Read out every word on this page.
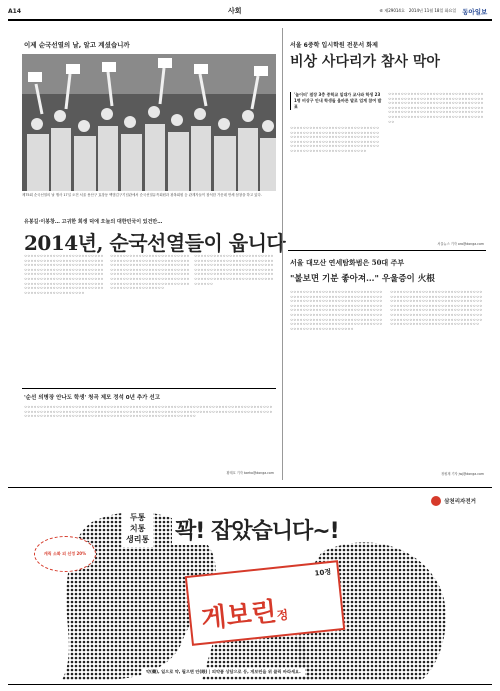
A14	사회	⑥ 제29014호 2014년 11월 18일 화요일 동아일보
이제 순국선열의 날, 알고 계셨습니까
제75회 순국선열의 날 행사 17일 오전 서울 용산구 효창동 백범김구기념관에서 순국선열유족회원과 광복회원 등 관계자들이 참석한 가운데 만세 삼창을 하고 있다.
유봉길·이봉창… 고귀한 희생 덕에 오늘의 대한민국이 있건만…
2014년, 순국선열들이 웁니다
ㅇㅇㅇㅇㅇㅇㅇㅇㅇㅇㅇㅇㅇㅇㅇㅇㅇㅇㅇㅇㅇㅇㅇㅇㅇㅇㅇㅇㅇㅇㅇㅇㅇㅇㅇㅇㅇㅇㅇㅇㅇㅇㅇㅇㅇㅇㅇㅇㅇㅇㅇㅇㅇㅇㅇㅇㅇㅇㅇㅇㅇㅇㅇㅇㅇㅇㅇㅇㅇㅇㅇㅇㅇㅇㅇㅇㅇㅇㅇㅇㅇㅇㅇㅇㅇㅇㅇㅇㅇㅇㅇㅇㅇㅇㅇㅇㅇㅇㅇㅇㅇㅇㅇㅇㅇㅇㅇㅇㅇㅇㅇㅇㅇㅇㅇㅇㅇㅇㅇㅇㅇㅇㅇㅇㅇㅇㅇㅇㅇㅇㅇㅇㅇㅇㅇㅇㅇㅇㅇㅇㅇㅇㅇㅇㅇㅇㅇㅇㅇㅇㅇㅇㅇㅇㅇㅇㅇㅇㅇㅇㅇㅇㅇㅇㅇㅇㅇㅇㅇㅇㅇㅇㅇㅇㅇㅇㅇㅇㅇㅇㅇㅇㅇㅇㅇㅇㅇㅇㅇㅇㅇㅇㅇㅇㅇㅇㅇㅇㅇㅇㅇㅇㅇㅇㅇㅇㅇㅇㅇㅇㅇㅇㅇㅇㅇㅇㅇㅇㅇ
ㅇㅇㅇㅇㅇㅇㅇㅇㅇㅇㅇㅇㅇㅇㅇㅇㅇㅇㅇㅇㅇㅇㅇㅇㅇㅇㅇㅇㅇㅇㅇㅇㅇㅇㅇㅇㅇㅇㅇㅇㅇㅇㅇㅇㅇㅇㅇㅇㅇㅇㅇㅇㅇㅇㅇㅇㅇㅇㅇㅇㅇㅇㅇㅇㅇㅇㅇㅇㅇㅇㅇㅇㅇㅇㅇㅇㅇㅇㅇㅇㅇㅇㅇㅇㅇㅇㅇㅇㅇㅇㅇㅇㅇㅇㅇㅇㅇㅇㅇㅇㅇㅇㅇㅇㅇㅇㅇㅇㅇㅇㅇㅇㅇㅇㅇㅇㅇㅇㅇㅇㅇㅇㅇㅇㅇㅇㅇㅇㅇㅇㅇㅇㅇㅇㅇㅇㅇㅇㅇㅇㅇㅇㅇㅇㅇㅇㅇㅇㅇㅇㅇㅇㅇㅇㅇㅇㅇㅇㅇㅇㅇㅇㅇㅇㅇㅇㅇㅇㅇㅇㅇㅇㅇㅇㅇㅇㅇㅇㅇㅇㅇㅇㅇㅇㅇㅇㅇㅇㅇㅇㅇㅇ
ㅇㅇㅇㅇㅇㅇㅇㅇㅇㅇㅇㅇㅇㅇㅇㅇㅇㅇㅇㅇㅇㅇㅇㅇㅇㅇㅇㅇㅇㅇㅇㅇㅇㅇㅇㅇㅇㅇㅇㅇㅇㅇㅇㅇㅇㅇㅇㅇㅇㅇㅇㅇㅇㅇㅇㅇㅇㅇㅇㅇㅇㅇㅇㅇㅇㅇㅇㅇㅇㅇㅇㅇㅇㅇㅇㅇㅇㅇㅇㅇㅇㅇㅇㅇㅇㅇㅇㅇㅇㅇㅇㅇㅇㅇㅇㅇㅇㅇㅇㅇㅇㅇㅇㅇㅇㅇㅇㅇㅇㅇㅇㅇㅇㅇㅇㅇㅇㅇㅇㅇㅇㅇㅇㅇㅇㅇㅇㅇㅇㅇㅇㅇㅇㅇㅇㅇㅇㅇㅇㅇㅇㅇㅇㅇㅇㅇㅇㅇㅇㅇㅇㅇㅇㅇㅇㅇ
'순선 의병장 안나도 학생' 청곡 제모 정석 0년 추가 선고
ㅇㅇㅇㅇㅇㅇㅇㅇㅇㅇㅇㅇㅇㅇㅇㅇㅇㅇㅇㅇㅇㅇㅇㅇㅇㅇㅇㅇㅇㅇㅇㅇㅇㅇㅇㅇㅇㅇㅇㅇㅇㅇㅇㅇㅇㅇㅇㅇㅇㅇㅇㅇㅇㅇㅇㅇㅇㅇㅇㅇㅇㅇㅇㅇㅇㅇㅇㅇㅇㅇㅇㅇㅇㅇㅇㅇㅇㅇㅇㅇㅇㅇㅇㅇㅇㅇㅇㅇㅇㅇㅇㅇㅇㅇㅇㅇㅇㅇㅇㅇㅇㅇㅇㅇㅇㅇㅇㅇㅇㅇㅇㅇㅇㅇㅇㅇㅇㅇㅇㅇㅇㅇㅇㅇㅇㅇㅇㅇㅇㅇㅇㅇㅇㅇㅇㅇㅇㅇㅇㅇㅇㅇㅇㅇㅇㅇㅇㅇㅇㅇㅇㅇㅇㅇㅇㅇㅇㅇㅇㅇㅇㅇㅇㅇㅇㅇㅇㅇㅇㅇㅇㅇㅇㅇㅇㅇㅇㅇㅇㅇㅇㅇㅇㅇㅇㅇㅇㅇㅇㅇㅇㅇㅇㅇㅇㅇㅇㅇㅇㅇㅇㅇㅇㅇㅇㅇㅇㅇㅇㅇ
황태호 기자 taeho@donga.com
서울 6중학 입시학원 전문서 화제
비상 사다리가 참사 막아
'놀이터' 점장 3층 중학교 일대가 교사와 학생 23 1명 비상구 안내 학생들 올바른 말로 업계 참여 발표
ㅇㅇㅇㅇㅇㅇㅇㅇㅇㅇㅇㅇㅇㅇㅇㅇㅇㅇㅇㅇㅇㅇㅇㅇㅇㅇㅇㅇㅇㅇㅇㅇㅇㅇㅇㅇㅇㅇㅇㅇㅇㅇㅇㅇㅇㅇㅇㅇㅇㅇㅇㅇㅇㅇㅇㅇㅇㅇㅇㅇㅇㅇㅇㅇㅇㅇㅇㅇㅇㅇㅇㅇㅇㅇㅇㅇㅇㅇㅇㅇㅇㅇㅇㅇㅇㅇㅇㅇㅇㅇㅇㅇㅇㅇㅇㅇㅇㅇㅇㅇㅇㅇㅇㅇㅇㅇㅇㅇㅇㅇㅇㅇㅇㅇㅇㅇㅇㅇㅇㅇㅇㅇㅇㅇㅇㅇㅇㅇㅇㅇㅇㅇㅇㅇㅇㅇㅇㅇㅇㅇㅇㅇㅇㅇㅇㅇㅇㅇㅇㅇㅇㅇㅇㅇㅇㅇㅇㅇㅇㅇㅇㅇㅇㅇ
ㅇㅇㅇㅇㅇㅇㅇㅇㅇㅇㅇㅇㅇㅇㅇㅇㅇㅇㅇㅇㅇㅇㅇㅇㅇㅇㅇㅇㅇㅇㅇㅇㅇㅇㅇㅇㅇㅇㅇㅇㅇㅇㅇㅇㅇㅇㅇㅇㅇㅇㅇㅇㅇㅇㅇㅇㅇㅇㅇㅇㅇㅇㅇㅇㅇㅇㅇㅇㅇㅇㅇㅇㅇㅇㅇㅇㅇㅇㅇㅇㅇㅇㅇㅇㅇㅇㅇㅇㅇㅇㅇㅇㅇㅇㅇㅇㅇㅇㅇㅇㅇㅇㅇㅇㅇㅇㅇㅇㅇㅇㅇㅇㅇㅇㅇㅇㅇㅇㅇㅇㅇㅇㅇㅇㅇㅇㅇㅇㅇㅇㅇㅇㅇㅇㅇㅇㅇㅇㅇㅇㅇㅇㅇㅇㅇㅇㅇㅇㅇㅇㅇㅇㅇㅇㅇㅇㅇㅇㅇㅇㅇㅇㅇㅇㅇㅇㅇㅇㅇㅇㅇㅇㅇㅇㅇㅇㅇㅇㅇㅇㅇㅇ
서울뉴스 기자 oro@donga.com
서울 대모산 연세탐화범은 50대 주부
"불보면 기분 좋아져…" 우울증이 火根
ㅇㅇㅇㅇㅇㅇㅇㅇㅇㅇㅇㅇㅇㅇㅇㅇㅇㅇㅇㅇㅇㅇㅇㅇㅇㅇㅇㅇㅇㅇㅇㅇㅇㅇㅇㅇㅇㅇㅇㅇㅇㅇㅇㅇㅇㅇㅇㅇㅇㅇㅇㅇㅇㅇㅇㅇㅇㅇㅇㅇㅇㅇㅇㅇㅇㅇㅇㅇㅇㅇㅇㅇㅇㅇㅇㅇㅇㅇㅇㅇㅇㅇㅇㅇㅇㅇㅇㅇㅇㅇㅇㅇㅇㅇㅇㅇㅇㅇㅇㅇㅇㅇㅇㅇㅇㅇㅇㅇㅇㅇㅇㅇㅇㅇㅇㅇㅇㅇㅇㅇㅇㅇㅇㅇㅇㅇㅇㅇㅇㅇㅇㅇㅇㅇㅇㅇㅇㅇㅇㅇㅇㅇㅇㅇㅇㅇㅇㅇㅇㅇㅇㅇㅇㅇㅇㅇㅇㅇㅇㅇㅇㅇㅇㅇㅇㅇㅇㅇㅇㅇㅇㅇㅇㅇㅇㅇㅇㅇㅇㅇㅇㅇㅇㅇㅇㅇㅇㅇㅇㅇㅇㅇㅇㅇㅇㅇㅇㅇㅇㅇㅇㅇㅇㅇㅇㅇㅇㅇㅇㅇㅇㅇㅇㅇㅇㅇㅇㅇㅇㅇㅇㅇㅇㅇㅇㅇㅇㅇㅇㅇㅇㅇㅇㅇㅇㅇㅇㅇㅇㅇㅇㅇㅇㅇㅇㅇㅇㅇㅇㅇㅇㅇ
ㅇㅇㅇㅇㅇㅇㅇㅇㅇㅇㅇㅇㅇㅇㅇㅇㅇㅇㅇㅇㅇㅇㅇㅇㅇㅇㅇㅇㅇㅇㅇㅇㅇㅇㅇㅇㅇㅇㅇㅇㅇㅇㅇㅇㅇㅇㅇㅇㅇㅇㅇㅇㅇㅇㅇㅇㅇㅇㅇㅇㅇㅇㅇㅇㅇㅇㅇㅇㅇㅇㅇㅇㅇㅇㅇㅇㅇㅇㅇㅇㅇㅇㅇㅇㅇㅇㅇㅇㅇㅇㅇㅇㅇㅇㅇㅇㅇㅇㅇㅇㅇㅇㅇㅇㅇㅇㅇㅇㅇㅇㅇㅇㅇㅇㅇㅇㅇㅇㅇㅇㅇㅇㅇㅇㅇㅇㅇㅇㅇㅇㅇㅇㅇㅇㅇㅇㅇㅇㅇㅇㅇㅇㅇㅇㅇㅇㅇㅇㅇㅇㅇㅇㅇㅇㅇㅇㅇㅇㅇㅇㅇㅇㅇㅇㅇㅇㅇㅇㅇㅇㅇㅇㅇㅇㅇㅇㅇㅇㅇㅇㅇㅇㅇㅇㅇㅇㅇㅇㅇㅇㅇㅇㅇㅇㅇㅇㅇㅇㅇㅇㅇㅇㅇㅇㅇㅇㅇㅇㅇㅇㅇㅇㅇㅇㅇㅇㅇㅇㅇㅇㅇㅇㅇㅇㅇㅇㅇㅇㅇㅇㅇ
장원재 기자 jwj@donga.com
삼천리자전거
두통
치통
생리통 꽉! 잡았습니다~!
10정
게보린정
캐릭 소화 외 선정 20%
약(藥), 일으로 약, 필으면 안(眼) | 의약품 상담으로 등, 게보린을 위 클릭 바라세요.
